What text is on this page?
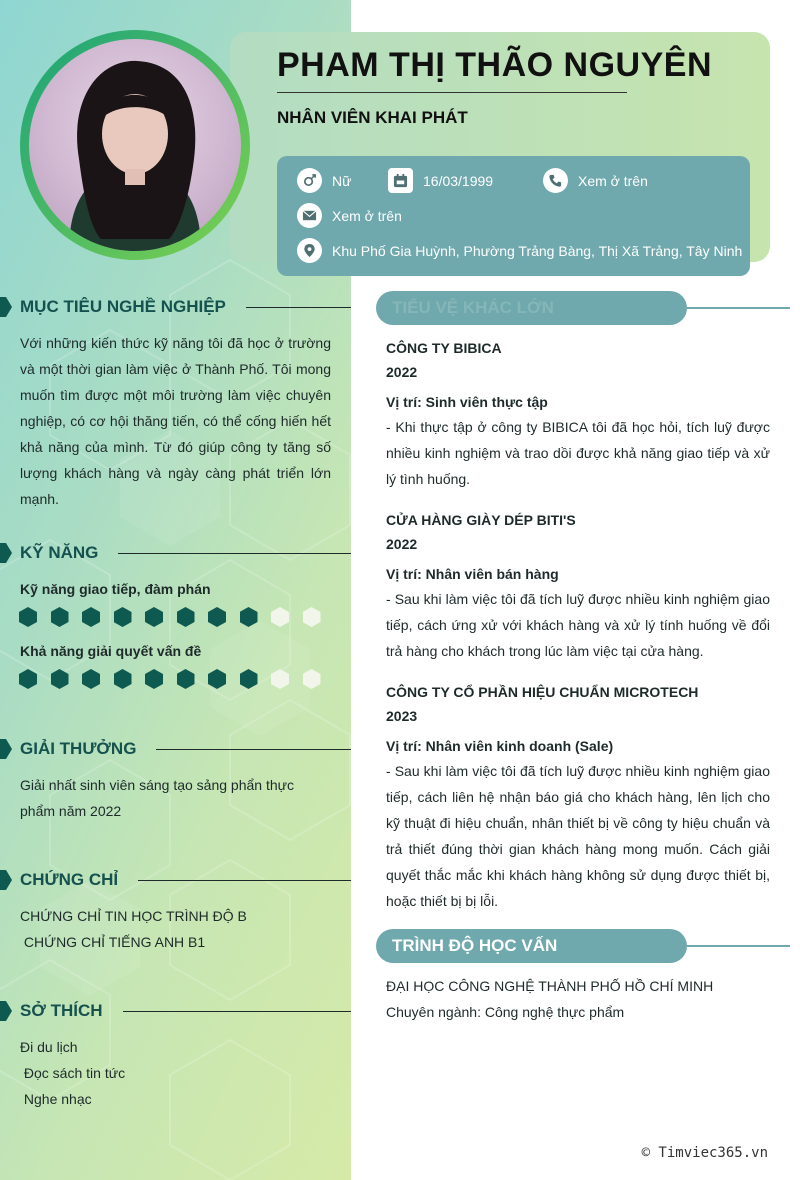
PHAM THỊ THÃO NGUYÊN
NHÂN VIÊN KHAI PHÁT
Nữ	16/03/1999	Xem ở trên
Xem ở trên
Khu Phố Gia Huỳnh, Phường Trảng Bàng, Thị Xã Trảng, Tây Ninh
MỤC TIÊU NGHỀ NGHIỆP
Với những kiến thức kỹ năng tôi đã học ở trường và một thời gian làm việc ở Thành Phố. Tôi mong muốn tìm được một môi trường làm việc chuyên nghiệp, có cơ hội thăng tiến, có thể cống hiến hết khả năng của mình. Từ đó giúp công ty tăng số lượng khách hàng và ngày càng phát triển lớn mạnh.
KỸ NĂNG
Kỹ năng giao tiếp, đàm phán
Khả năng giải quyết vấn đề
GIẢI THƯỞNG
Giải nhất sinh viên sáng tạo sảng phẩn thực phẩm năm 2022
CHỨNG CHỈ
CHỨNG CHỈ TIN HỌC TRÌNH ĐỘ B
CHỨNG CHỈ TIẾNG ANH B1
SỞ THÍCH
Đi du lịch
Đọc sách tin tức
Nghe nhạc
TIỂU VỆ KHÁC LỚN
CÔNG TY BIBICA
2022
Vị trí: Sinh viên thực tập
- Khi thực tập ở công ty BIBICA tôi đã học hỏi, tích luỹ được nhiều kinh nghiệm và trao dồi được khả năng giao tiếp và xử lý tình huống.
CỬA HÀNG GIÀY DÉP BITI'S
2022
Vị trí: Nhân viên bán hàng
- Sau khi làm việc tôi đã tích luỹ được nhiều kinh nghiệm giao tiếp, cách ứng xử với khách hàng và xử lý tính huống về đổi trả hàng cho khách trong lúc làm việc tại cửa hàng.
CÔNG TY CỔ PHẦN HIỆU CHUẨN MICROTECH
2023
Vị trí: Nhân viên kinh doanh (Sale)
- Sau khi làm việc tôi đã tích luỹ được nhiều kinh nghiệm giao tiếp, cách liên hệ nhận báo giá cho khách hàng, lên lịch cho kỹ thuật đi hiệu chuẩn, nhân thiết bị về công ty hiệu chuẩn và trả thiết đúng thời gian khách hàng mong muốn. Cách giải quyết thắc mắc khi khách hàng không sử dụng được thiết bị, hoặc thiết bị bị lỗi.
TRÌNH ĐỘ HỌC VẤN
ĐẠI HỌC CÔNG NGHỆ THÀNH PHỐ HỒ CHÍ MINH
Chuyên ngành: Công nghệ thực phẩm
© Timviec365.vn
